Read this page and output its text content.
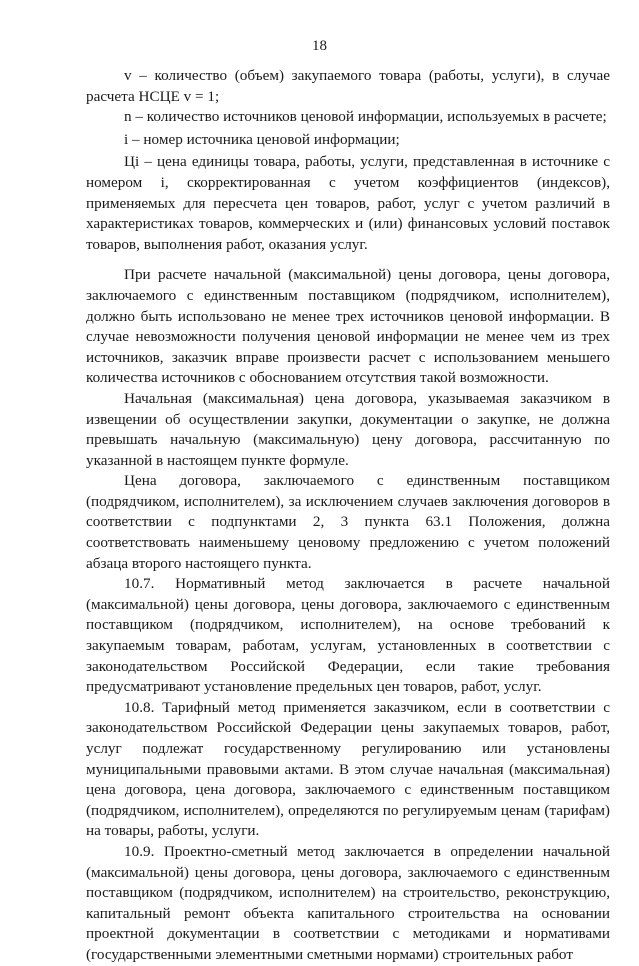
18

v – количество (объем) закупаемого товара (работы, услуги), в случае расчета НСЦЕ v = 1;

n – количество источников ценовой информации, используемых в расчете;

i – номер источника ценовой информации;

Цi – цена единицы товара, работы, услуги, представленная в источнике с номером i, скорректированная с учетом коэффициентов (индексов), применяемых для пересчета цен товаров, работ, услуг с учетом различий в характеристиках товаров, коммерческих и (или) финансовых условий поставок товаров, выполнения работ, оказания услуг.

При расчете начальной (максимальной) цены договора, цены договора, заключаемого с единственным поставщиком (подрядчиком, исполнителем), должно быть использовано не менее трех источников ценовой информации. В случае невозможности получения ценовой информации не менее чем из трех источников, заказчик вправе произвести расчет с использованием меньшего количества источников с обоснованием отсутствия такой возможности.

Начальная (максимальная) цена договора, указываемая заказчиком в извещении об осуществлении закупки, документации о закупке, не должна превышать начальную (максимальную) цену договора, рассчитанную по указанной в настоящем пункте формуле.

Цена договора, заключаемого с единственным поставщиком (подрядчиком, исполнителем), за исключением случаев заключения договоров в соответствии с подпунктами 2, 3 пункта 63.1 Положения, должна соответствовать наименьшему ценовому предложению с учетом положений абзаца второго настоящего пункта.

10.7. Нормативный метод заключается в расчете начальной (максимальной) цены договора, цены договора, заключаемого с единственным поставщиком (подрядчиком, исполнителем), на основе требований к закупаемым товарам, работам, услугам, установленных в соответствии с законодательством Российской Федерации, если такие требования предусматривают установление предельных цен товаров, работ, услуг.

10.8. Тарифный метод применяется заказчиком, если в соответствии с законодательством Российской Федерации цены закупаемых товаров, работ, услуг подлежат государственному регулированию или установлены муниципальными правовыми актами. В этом случае начальная (максимальная) цена договора, цена договора, заключаемого с единственным поставщиком (подрядчиком, исполнителем), определяются по регулируемым ценам (тарифам) на товары, работы, услуги.

10.9. Проектно-сметный метод заключается в определении начальной (максимальной) цены договора, цены договора, заключаемого с единственным поставщиком (подрядчиком, исполнителем) на строительство, реконструкцию, капитальный ремонт объекта капитального строительства на основании проектной документации в соответствии с методиками и нормативами (государственными элементными сметными нормами) строительных работ
